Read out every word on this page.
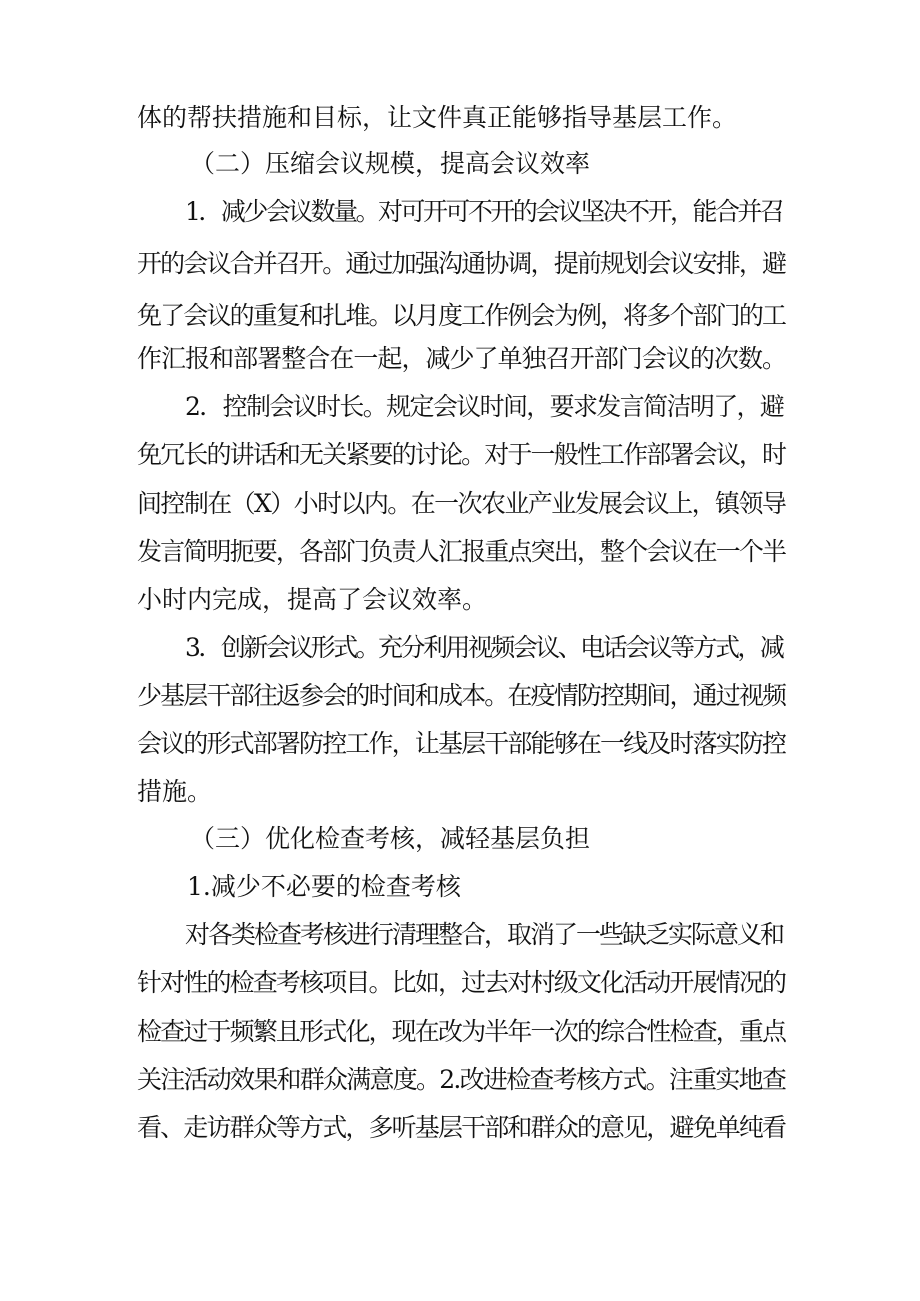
体的帮扶措施和目标，让文件真正能够指导基层工作。
（二）压缩会议规模，提高会议效率
1．减少会议数量。对可开可不开的会议坚决不开，能合并召
开的会议合并召开。通过加强沟通协调，提前规划会议安排，避
免了会议的重复和扎堆。以月度工作例会为例，将多个部门的工
作汇报和部署整合在一起，减少了单独召开部门会议的次数。
2．控制会议时长。规定会议时间，要求发言简洁明了，避
免冗长的讲话和无关紧要的讨论。对于一般性工作部署会议，时
间控制在（X）小时以内。在一次农业产业发展会议上，镇领导
发言简明扼要，各部门负责人汇报重点突出，整个会议在一个半
小时内完成，提高了会议效率。
3．创新会议形式。充分利用视频会议、电话会议等方式，减
少基层干部往返参会的时间和成本。在疫情防控期间，通过视频
会议的形式部署防控工作，让基层干部能够在一线及时落实防控
措施。
（三）优化检查考核，减轻基层负担
1.减少不必要的检查考核
对各类检查考核进行清理整合，取消了一些缺乏实际意义和
针对性的检查考核项目。比如，过去对村级文化活动开展情况的
检查过于频繁且形式化，现在改为半年一次的综合性检查，重点
关注活动效果和群众满意度。2.改进检查考核方式。注重实地查
看、走访群众等方式，多听基层干部和群众的意见，避免单纯看
